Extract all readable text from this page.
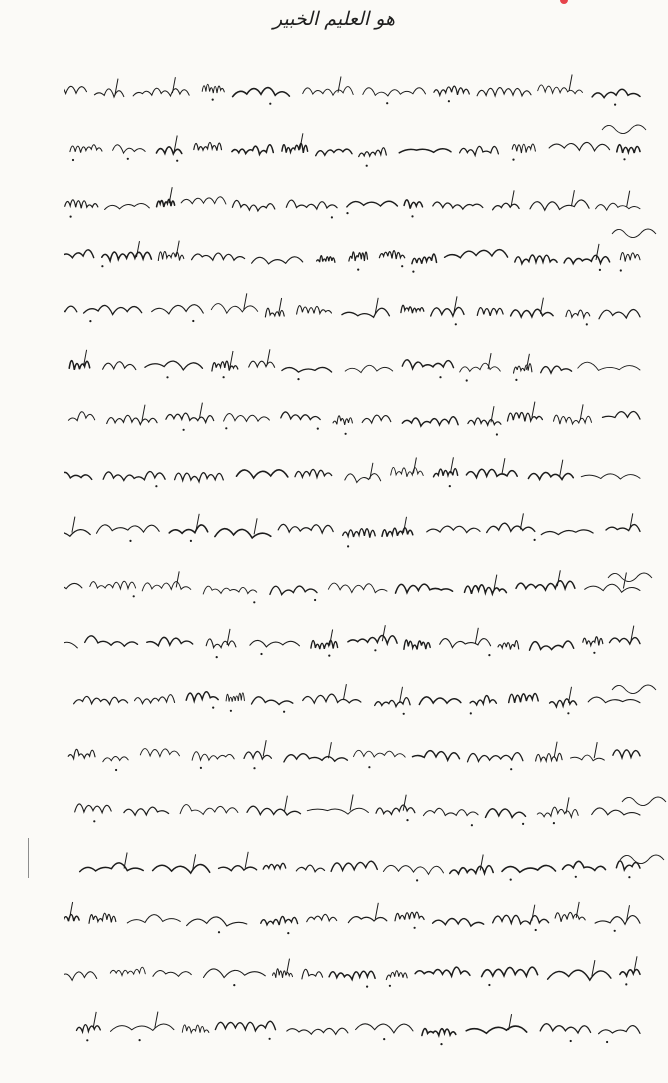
هو العلیم الخبیر
